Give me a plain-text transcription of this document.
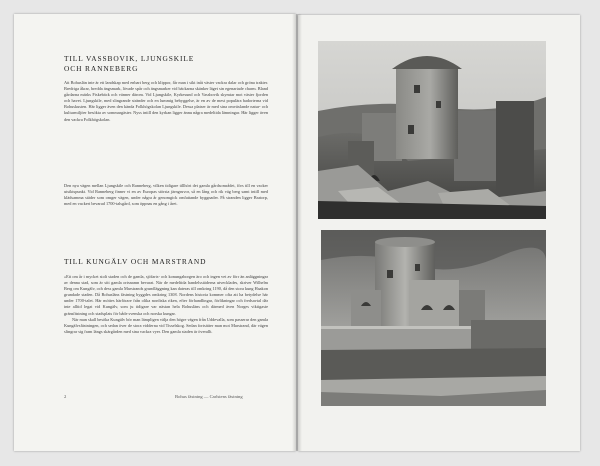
TILL VASSBOVIK, LJUNGSKILE
OCH RANNEBERG
Att Bohuslän inte är ett landskap med enbart berg och klippor, får man i sikt inåt väster vackra dalar och gröna trakter. Bredriga åkrar, bredda ängsmark, lövade spår och ängsmarker vid bäckarna skänker läget sin egenartade charm. Bland gårdarna märks Fiskebäck och vänner därom. Vid Ljungskile, Kyrkesund och Vassbovik skymtar mot väster fjorden och havet. Ljungskile, med slingrande stränder och en lummig bebyggelse, är en av de mest populära badorterna vid Bohuskusten. Här ligger även den kända Folkhögskolan Ljungskile. Dessa platser är med sina omväxlande natur- och kulturmiljöer besökta av sommargäster. Nyss intill den kyrkan ligger ännu några medeltida lämningar. Här ligger även den vackra Folkhögskolan.
Den nya vägen mellan Ljungskile och Ranneberg, vilken tidigare tillhört det gamla gårdsområdet, förs till en vacker utsiktspunkt. Vid Ranneberg finner vi en av Europas största järngruvor, så en lång och rik väg berg samt intill med klädsamma städer som omger vägen, under några år genomgick omfattande byggnader. På stranden ligger Bratorp, med en vackert bevarad 1700-talsgård, som öppnas en gång i året.
TILL KUNGÄLV OCH MARSTRAND
»Ett om år i mycket stolt staden och de gamla, sjöfarts- och konungaborgen äro och ingen vet av förr än anläggningar av denna stad, som är sitt gamla ortsnamn bevarat. När de medeltida handelsstäderna utvecklades, skriver Wilhelm Berg om Kungälv, och dess gamla Marstrands grundläggning kan dateras till omkring 1190, då den stora kung Haakon grundade staden. Då Bohusläns fästning byggdes omkring 1308. Nordens historia kommer ofta att ha betydelse här under 1700-talet. Här möttes härförare från olika nordiska riken, efter förhandlingar, förlikningar och fredsavtal där inte alltid legat vid Kungälv, som ju tidigare var nästan hela Bohusläns och därmed även Norges viktigaste gränsfästning och stadsplats för både svenska och norska kungar.
När man skall besöka Kungälv bör man lämpligen välja den högre vägen från Uddevalla, som passerar den gamla Kungälvsfästningen, och sedan över de stora vidderna vid Tisselskog. Sedan fortsätter man mot Marstrand, där vägen slingrar sig fram längs skärgården med sina vackra vyer. Den gamla staden är överallt.
2	Bohus fästning — Carlstens fästning
